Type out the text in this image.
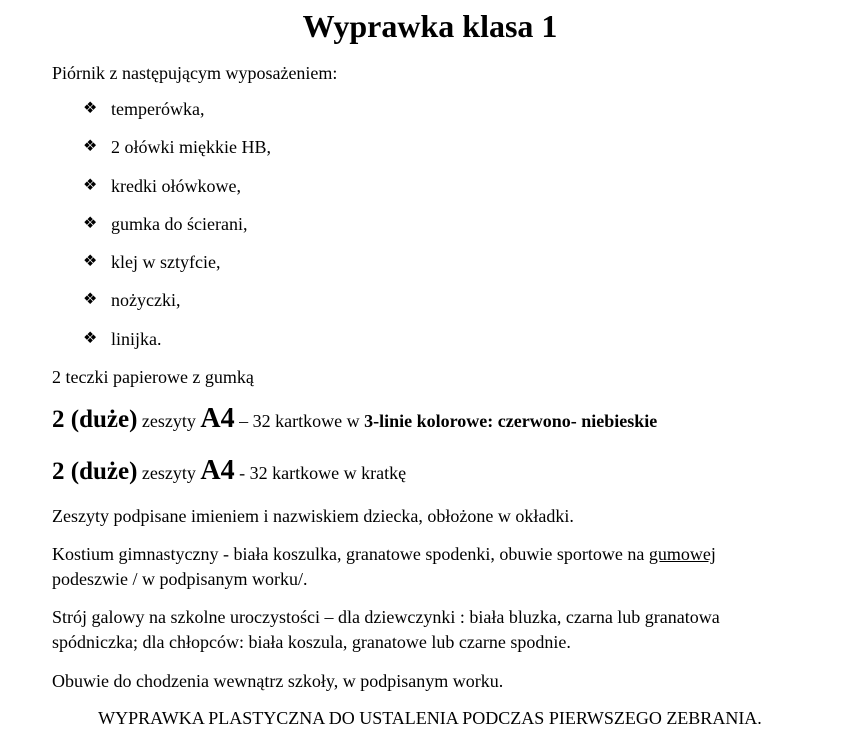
Wyprawka klasa 1
Piórnik z następującym wyposażeniem:
❖ temperówka,
❖ 2 ołówki miękkie HB,
❖ kredki ołówkowe,
❖ gumka do ścierani,
❖ klej w sztyfcie,
❖ nożyczki,
❖ linijka.
2 teczki papierowe z gumką
2 (duże) zeszyty A4 – 32 kartkowe w 3-linie kolorowe: czerwono- niebieskie
2 (duże) zeszyty A4 - 32 kartkowe w kratkę
Zeszyty podpisane imieniem i nazwiskiem dziecka, obłożone w okładki.
Kostium gimnastyczny - biała koszulka, granatowe spodenki, obuwie sportowe na gumowej
podeszwie / w podpisanym worku/.
Strój galowy na szkolne uroczystości – dla dziewczynki : biała bluzka, czarna lub granatowa
spódniczka; dla chłopców: biała koszula, granatowe lub czarne spodnie.
Obuwie do chodzenia wewnątrz szkoły, w podpisanym worku.
WYPRAWKA PLASTYCZNA DO USTALENIA PODCZAS PIERWSZEGO ZEBRANIA.
